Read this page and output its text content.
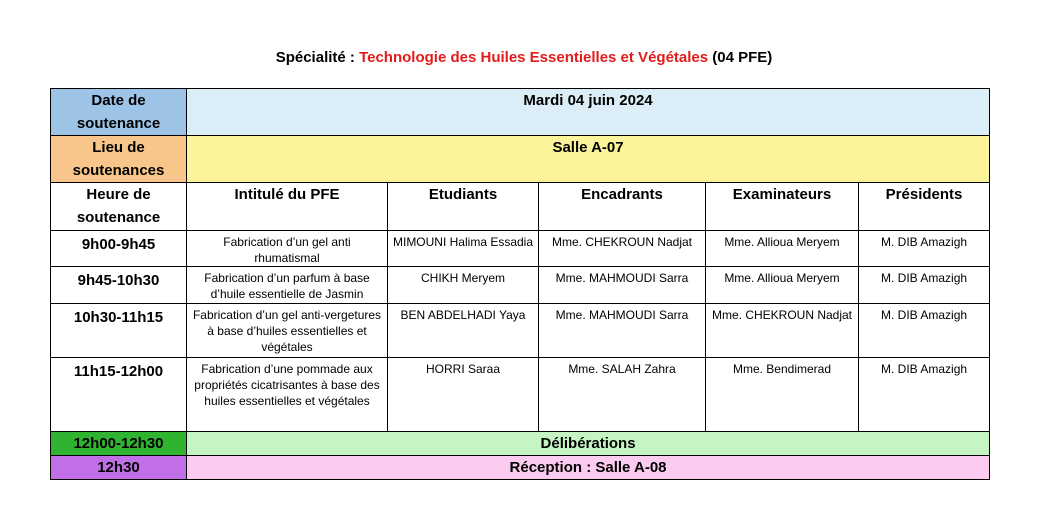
Spécialité : Technologie des Huiles Essentielles et Végétales (04 PFE)
Date de soutenance	Mardi 04 juin 2024				
Lieu de soutenances	Salle A-07				
Heure de soutenance	Intitulé du PFE	Etudiants	Encadrants	Examinateurs	Présidents
9h00-9h45	Fabrication d’un gel anti rhumatismal	MIMOUNI Halima Essadia	Mme. CHEKROUN Nadjat	Mme. Allioua Meryem	M. DIB Amazigh
9h45-10h30	Fabrication d’un parfum à base d’huile essentielle de Jasmin	CHIKH Meryem	Mme. MAHMOUDI Sarra	Mme. Allioua Meryem	M. DIB Amazigh
10h30-11h15	Fabrication d’un gel anti-vergetures à base d’huiles essentielles et végétales	BEN ABDELHADI Yaya	Mme. MAHMOUDI Sarra	Mme. CHEKROUN Nadjat	M. DIB Amazigh
11h15-12h00	Fabrication d’une pommade aux propriétés cicatrisantes à base des huiles essentielles et végétales	HORRI Saraa	Mme. SALAH Zahra	Mme. Bendimerad	M. DIB Amazigh
12h00-12h30	Délibérations				
12h30	Réception : Salle A-08				
